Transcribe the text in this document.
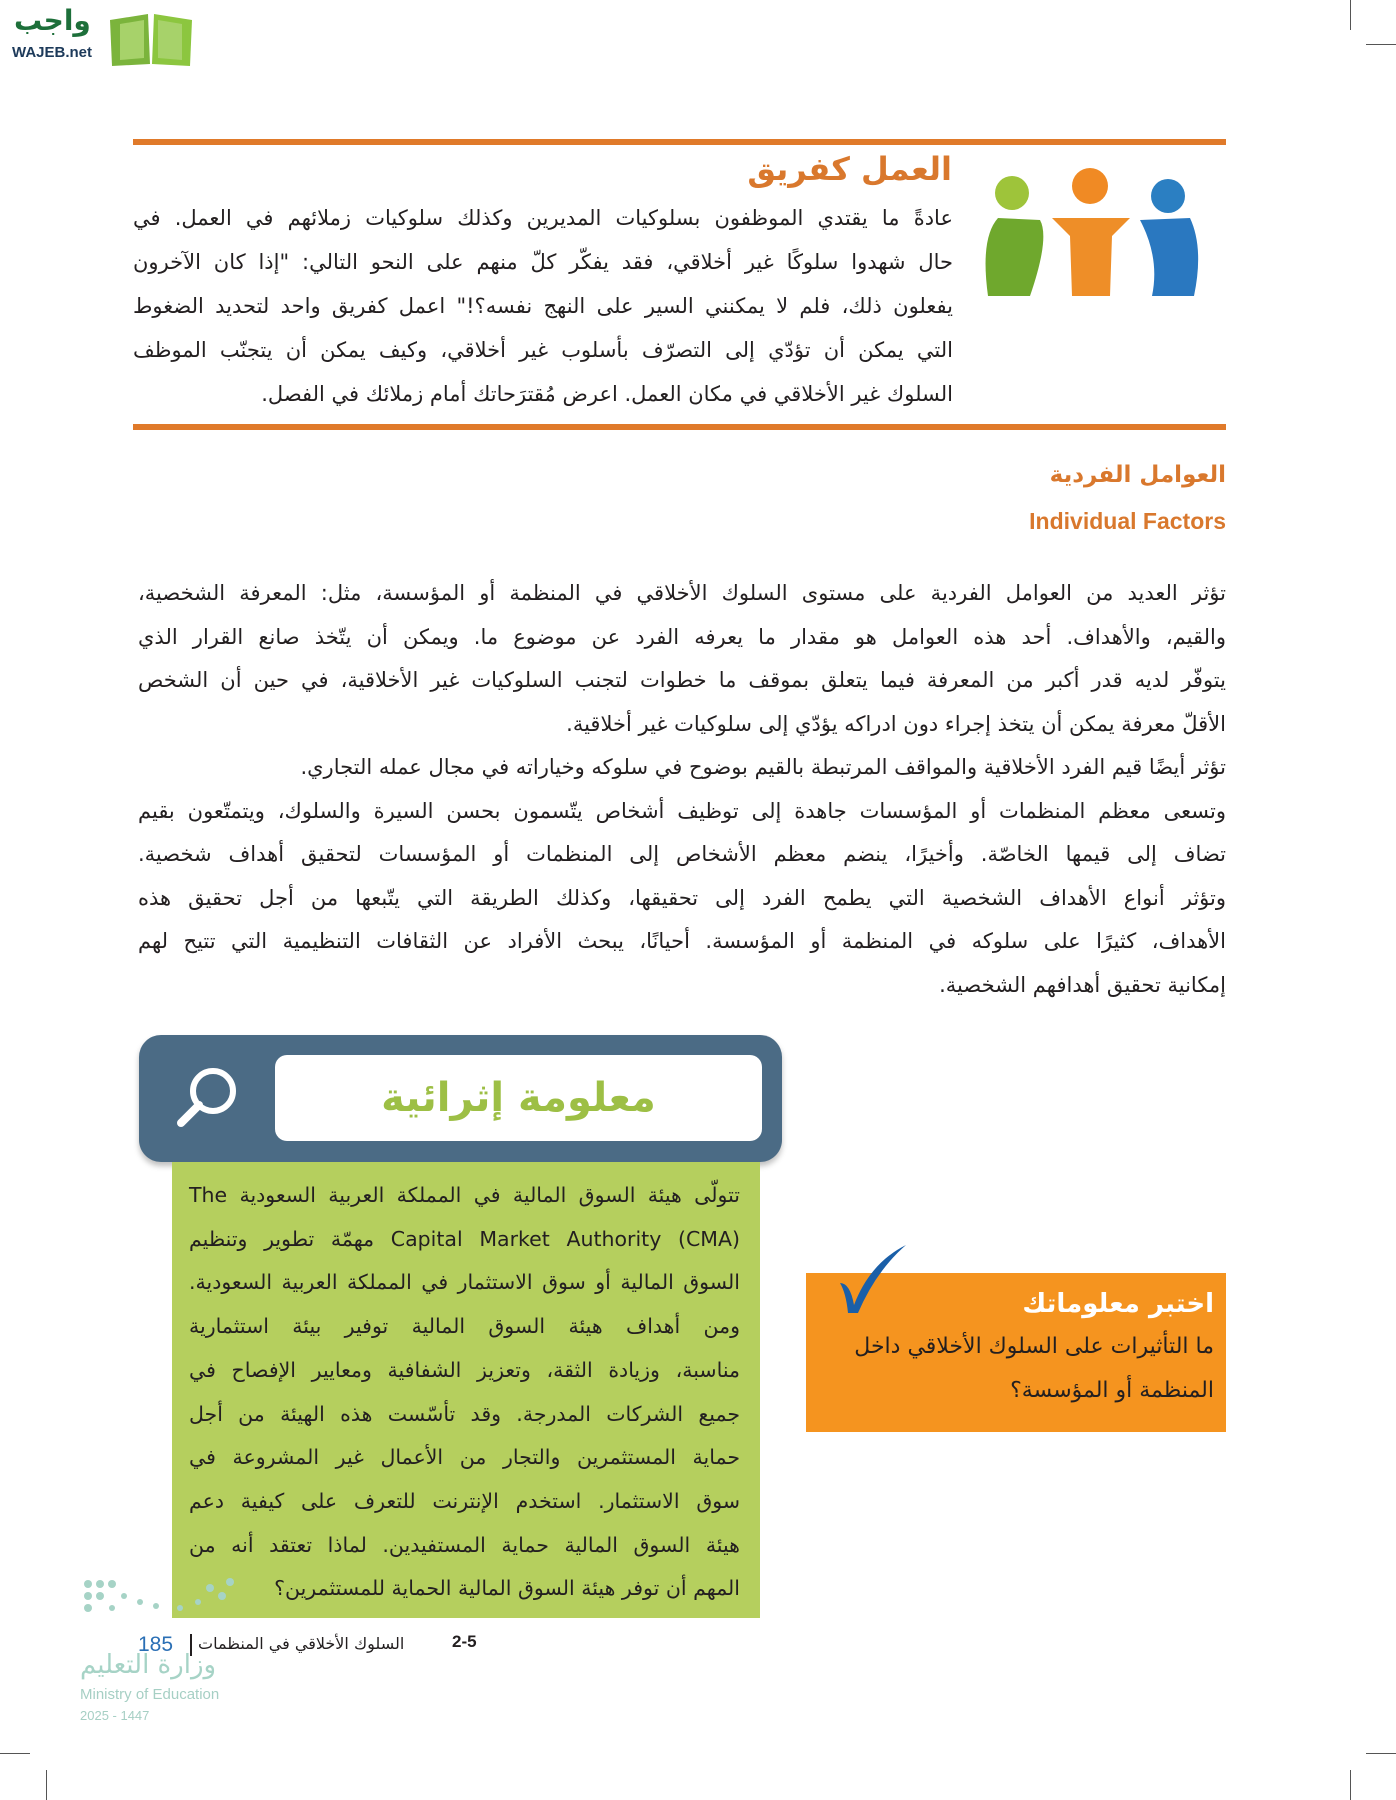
واجب
WAJEB.net
العمل كفريق
عادةً ما يقتدي الموظفون بسلوكيات المديرين وكذلك سلوكيات زملائهم في العمل. في
حال شهدوا سلوكًا غير أخلاقي، فقد يفكّر كلّ منهم على النحو التالي: "إذا كان الآخرون
يفعلون ذلك، فلم لا يمكنني السير على النهج نفسه؟!" اعمل كفريق واحد لتحديد الضغوط
التي يمكن أن تؤدّي إلى التصرّف بأسلوب غير أخلاقي، وكيف يمكن أن يتجنّب الموظف
السلوك غير الأخلاقي في مكان العمل. اعرض مُقترَحاتك أمام زملائك في الفصل.
العوامل الفردية
Individual Factors
تؤثر العديد من العوامل الفردية على مستوى السلوك الأخلاقي في المنظمة أو المؤسسة، مثل: المعرفة الشخصية،
والقيم، والأهداف. أحد هذه العوامل هو مقدار ما يعرفه الفرد عن موضوع ما. ويمكن أن يتّخذ صانع القرار الذي
يتوفّر لديه قدر أكبر من المعرفة فيما يتعلق بموقف ما خطوات لتجنب السلوكيات غير الأخلاقية، في حين أن الشخص
الأقلّ معرفة يمكن أن يتخذ إجراء دون ادراكه يؤدّي إلى سلوكيات غير أخلاقية.
تؤثر أيضًا قيم الفرد الأخلاقية والمواقف المرتبطة بالقيم بوضوح في سلوكه وخياراته في مجال عمله التجاري.
وتسعى معظم المنظمات أو المؤسسات جاهدة إلى توظيف أشخاص يتّسمون بحسن السيرة والسلوك، ويتمتّعون بقيم
تضاف إلى قيمها الخاصّة. وأخيرًا، ينضم معظم الأشخاص إلى المنظمات أو المؤسسات لتحقيق أهداف شخصية.
وتؤثر أنواع الأهداف الشخصية التي يطمح الفرد إلى تحقيقها، وكذلك الطريقة التي يتّبعها من أجل تحقيق هذه
الأهداف، كثيرًا على سلوكه في المنظمة أو المؤسسة. أحيانًا، يبحث الأفراد عن الثقافات التنظيمية التي تتيح لهم
إمكانية تحقيق أهدافهم الشخصية.
معلومة إثرائية
تتولّى هيئة السوق المالية في المملكة العربية السعودية The
Capital Market Authority (CMA) مهمّة تطوير وتنظيم
السوق المالية أو سوق الاستثمار في المملكة العربية السعودية.
ومن أهداف هيئة السوق المالية توفير بيئة استثمارية
مناسبة، وزيادة الثقة، وتعزيز الشفافية ومعايير الإفصاح في
جميع الشركات المدرجة. وقد تأسّست هذه الهيئة من أجل
حماية المستثمرين والتجار من الأعمال غير المشروعة في
سوق الاستثمار. استخدم الإنترنت للتعرف على كيفية دعم
هيئة السوق المالية حماية المستفيدين. لماذا تعتقد أنه من
المهم أن توفر هيئة السوق المالية الحماية للمستثمرين؟
اختبر معلوماتك
ما التأثيرات على السلوك الأخلاقي داخل
المنظمة أو المؤسسة؟
185 السلوك الأخلاقي في المنظمات	2-5
وزارة التعليم
Ministry of Education
2025 - 1447
